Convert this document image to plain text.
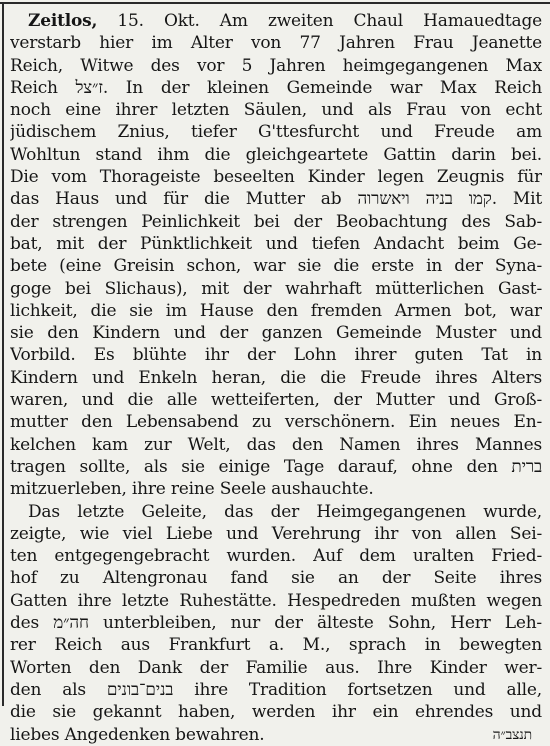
Zeitlos, 15. Okt. Am zweiten Chaul Hamauedtage
verstarb hier im Alter von 77 Jahren Frau Jeanette
Reich, Witwe des vor 5 Jahren heimgegangenen Max
Reich ז״צל. In der kleinen Gemeinde war Max Reich
noch eine ihrer letzten Säulen, und als Frau von echt
jüdischem Znius, tiefer G'ttesfurcht und Freude am
Wohltun stand ihm die gleichgeartete Gattin darin bei.
Die vom Thorageiste beseelten Kinder legen Zeugnis für
das Haus und für die Mutter ab קמו בניה ויאשרוה. Mit
der strengen Peinlichkeit bei der Beobachtung des Sab-
bat, mit der Pünktlichkeit und tiefen Andacht beim Ge-
bete (eine Greisin schon, war sie die erste in der Syna-
goge bei Slichaus), mit der wahrhaft mütterlichen Gast-
lichkeit, die sie im Hause den fremden Armen bot, war
sie den Kindern und der ganzen Gemeinde Muster und
Vorbild. Es blühte ihr der Lohn ihrer guten Tat in
Kindern und Enkeln heran, die die Freude ihres Alters
waren, und die alle wetteiferten, der Mutter und Groß-
mutter den Lebensabend zu verschönern. Ein neues En-
kelchen kam zur Welt, das den Namen ihres Mannes
tragen sollte, als sie einige Tage darauf, ohne den ברית
mitzuerleben, ihre reine Seele aushauchte.
Das letzte Geleite, das der Heimgegangenen wurde,
zeigte, wie viel Liebe und Verehrung ihr von allen Sei-
ten entgegengebracht wurden. Auf dem uralten Fried-
hof zu Altengronau fand sie an der Seite ihres
Gatten ihre letzte Ruhestätte. Hespedreden mußten wegen
des חה״מ unterbleiben, nur der älteste Sohn, Herr Leh-
rer Reich aus Frankfurt a. M., sprach in bewegten
Worten den Dank der Familie aus. Ihre Kinder wer-
den als בנים־בונים ihre Tradition fortsetzen und alle,
die sie gekannt haben, werden ihr ein ehrendes und
liebes Angedenken bewahren.	תנצב״ה
